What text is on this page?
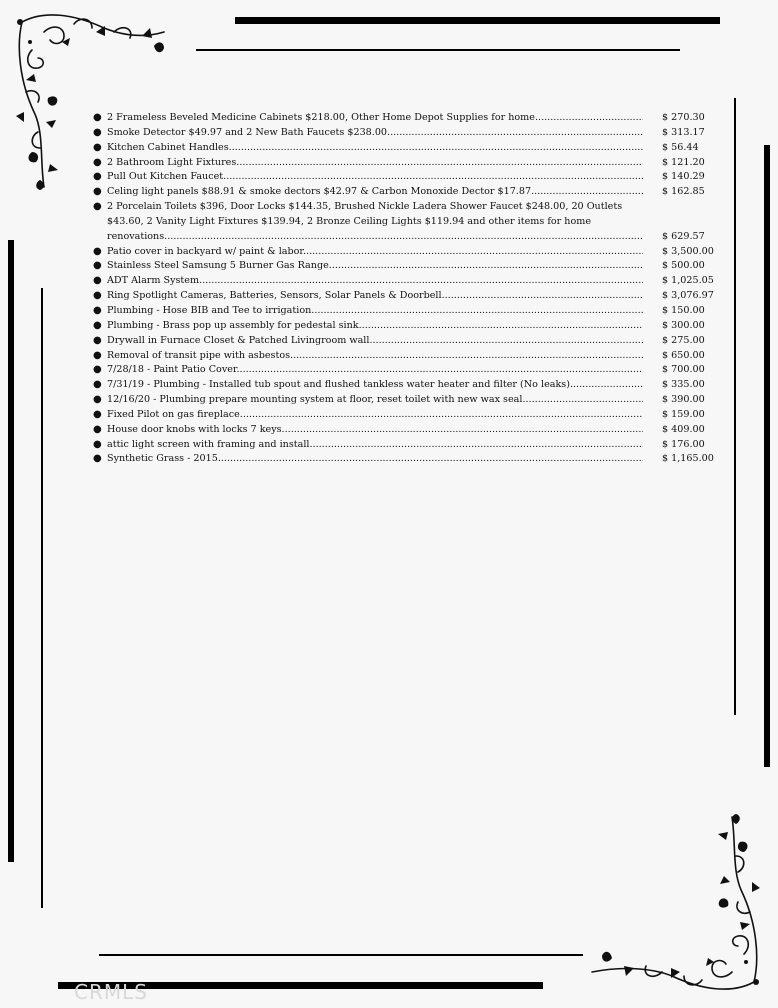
● 2 Frameless Beveled Medicine Cabinets $218.00, Other Home Depot Supplies for home .....	$ 270.30
● Smoke Detector $49.97 and 2 New Bath Faucets $238.00 .....	$ 313.17
● Kitchen Cabinet Handles .....	$ 56.44
● 2 Bathroom Light Fixtures .....	$ 121.20
● Pull Out Kitchen Faucet .....	$ 140.29
● Celing light panels $88.91 & smoke dectors $42.97 & Carbon Monoxide Dector $17.87 .....	$ 162.85
● 2 Porcelain Toilets $396, Door Locks $144.35, Brushed Nickle Ladera Shower Faucet $248.00, 20 Outlets
$43.60, 2 Vanity Light Fixtures $139.94, 2 Bronze Ceiling Lights $119.94 and other items for home
renovations .....	$ 629.57
● Patio cover in backyard w/ paint & labor .....	$ 3,500.00
● Stainless Steel Samsung 5 Burner Gas Range .....	$ 500.00
● ADT Alarm System .....	$ 1,025.05
● Ring Spotlight Cameras, Batteries, Sensors, Solar Panels & Doorbell .....	$ 3,076.97
● Plumbing - Hose BIB and Tee to irrigation .....	$ 150.00
● Plumbing - Brass pop up assembly for pedestal sink .....	$ 300.00
● Drywall in Furnace Closet & Patched Livingroom wall .....	$ 275.00
● Removal of transit pipe with asbestos .....	$ 650.00
● 7/28/18 - Paint Patio Cover .....	$ 700.00
● 7/31/19 - Plumbing - Installed tub spout and flushed tankless water heater and filter (No leaks) .....	$ 335.00
● 12/16/20 - Plumbing prepare mounting system at floor, reset toilet with new wax seal .....	$ 390.00
● Fixed Pilot on gas fireplace .....	$ 159.00
● House door knobs with locks 7 keys .....	$ 409.00
● attic light screen with framing and install .....	$ 176.00
● Synthetic Grass - 2015 .....	$ 1,165.00
CRMLS
